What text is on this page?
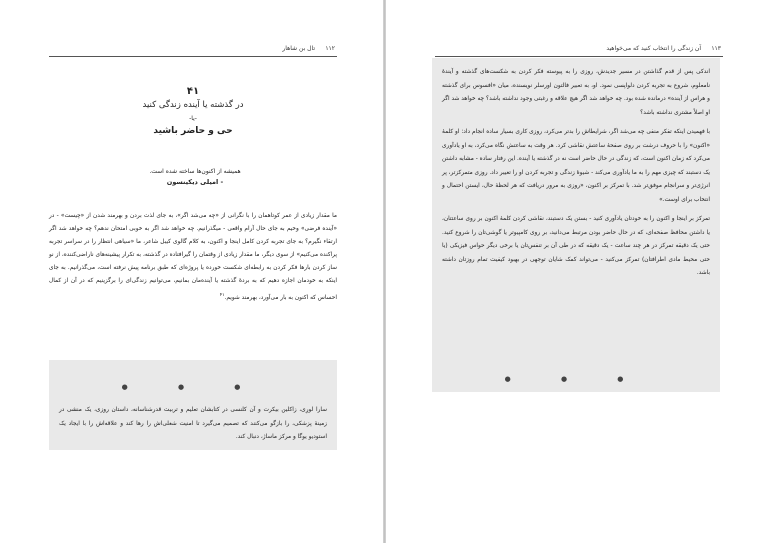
۱۱۲
تال بن شاهار
۴۱
در گذشته یا آینده زندگی کنید
-یا-
حی و حاضر باشید
همیشه از اکنون‌ها ساخته شده است.
- امیلی دیکینسون

ما مقدار زیادی از عمر کوتاهمان را با نگرانی از «چه می‌شد اگر»، به جای لذت بردن و بهرمند شدن از «چیست» - در «آینده فرضی» وخیم به جای حال آرام واقعی - میگذرانیم. چه خواهد شد اگر به خوبی امتحان ندهم؟ چه خواهد شد اگر ارتقاء نگیرم؟ به جای تجربه کردن کامل اینجا و اکنون، به کلام گالوی کیبل شاعر، ما «سیاهی انتظار را در سراسر تجربه پراکنده می‌کنیم» از سوی دیگر، ما مقدار زیادی از وقتمان را گیرافتاده در گذشته، به تکرار پیشینه‌های ناراضی‌کننده، از نو ساز کردن بارها فکر کردن به رابطه‌ای شکست خورده یا پروژه‌ای که طبق برنامه پیش نرفته است، می‌گذرانیم. به جای اینکه به خودمان اجازه دهیم که به بردهٔ گذشته یا آینده‌مان بمانیم، می‌توانیم زندگی‌ای را برگزینیم که در آن از کمال احساس که اکنون به بار می‌آورد، بهرمند شویم.$^{۴۱}$

● ● ●

سارا لورِی، زاکلین بیکرت و آن کلنسی در کتابشان تعلیم و تربیت قدرشناسانه، داستان روزی، یک منشی در زمینهٔ پزشکی، را بازگو می‌کنند که تصمیم می‌گیرد تا امنیت شغلی‌اش را رها کند و علاقه‌اش را با ایجاد یک استودیو یوگا و مرکز ماساژ، دنبال کند.

۱۱۳
آن زندگی را انتخاب کنید که می‌خواهید

اندکی پس از قدم گذاشتن در مسیر جدیدش، روزی را به پیوسته فکر کردن به شکست‌های گذشته و آیندهٔ نامعلوم، شروع به تجربه کردن دلواپسی نمود. او، به تعبیر فالتون اورسلر نویسنده، میان «افسوس برای گذشته و هراس از آینده» درمانده شده بود. چه خواهد شد اگر هیچ علاقه و رغبتی وجود نداشته باشد؟ چه خواهد شد اگر او اصلاً مشتری نداشته باشد؟

با فهمیدن اینکه تفکر منفی چه می‌شد اگر، شرایطاش را بدتر می‌کرد، روزی کاری بسیار ساده انجام داد: او کلمهٔ «اکنون» را با حروف درشت بر روی صفحهٔ ساعتش نقاشی کرد. هر وقت به ساعتش نگاه می‌کرد، به او یادآوری می‌کرد که زمان اکنون است، که زندگی در حال حاضر است نه در گذشته یا آینده. این رفتار ساده - مشابه داشتن یک دستبند که چیزی مهم را به ما یادآوری می‌کند - شیوهٔ زندگی و تجربه کردن او را تغییر داد. روزی متمرکزتر، پر انرژی‌تر و سرانجام موفق‌تر شد. با تمرکز بر اکنون، «روزی به مرور دریافت که هر لحظهٔ حال، ایستن احتمال و انتخاب برای اوست.»

تمرکز بر اینجا و اکنون را به خودتان یادآوری کنید - بستن یک دستبند، نقاشی کردن کلمهٔ اکنون بر روی ساعتتان، یا داشتن محافظ صفحه‌ای، که در حال حاضر بودن مرتبط می‌دانید، بر روی کامپیوتر یا گوشی‌تان را شروع کنید. حتی یک دقیقه تمرکز در هر چند ساعت - یک دقیقه که در طی آن بر تنفس‌تان یا برخی دیگر حواس فیزیکی (یا حتی محیط مادی اطرافتان) تمرکز می‌کنید - می‌تواند کمک شایان توجهی در بهبود کیفیت تمام روزتان داشته باشد.

● ● ●
